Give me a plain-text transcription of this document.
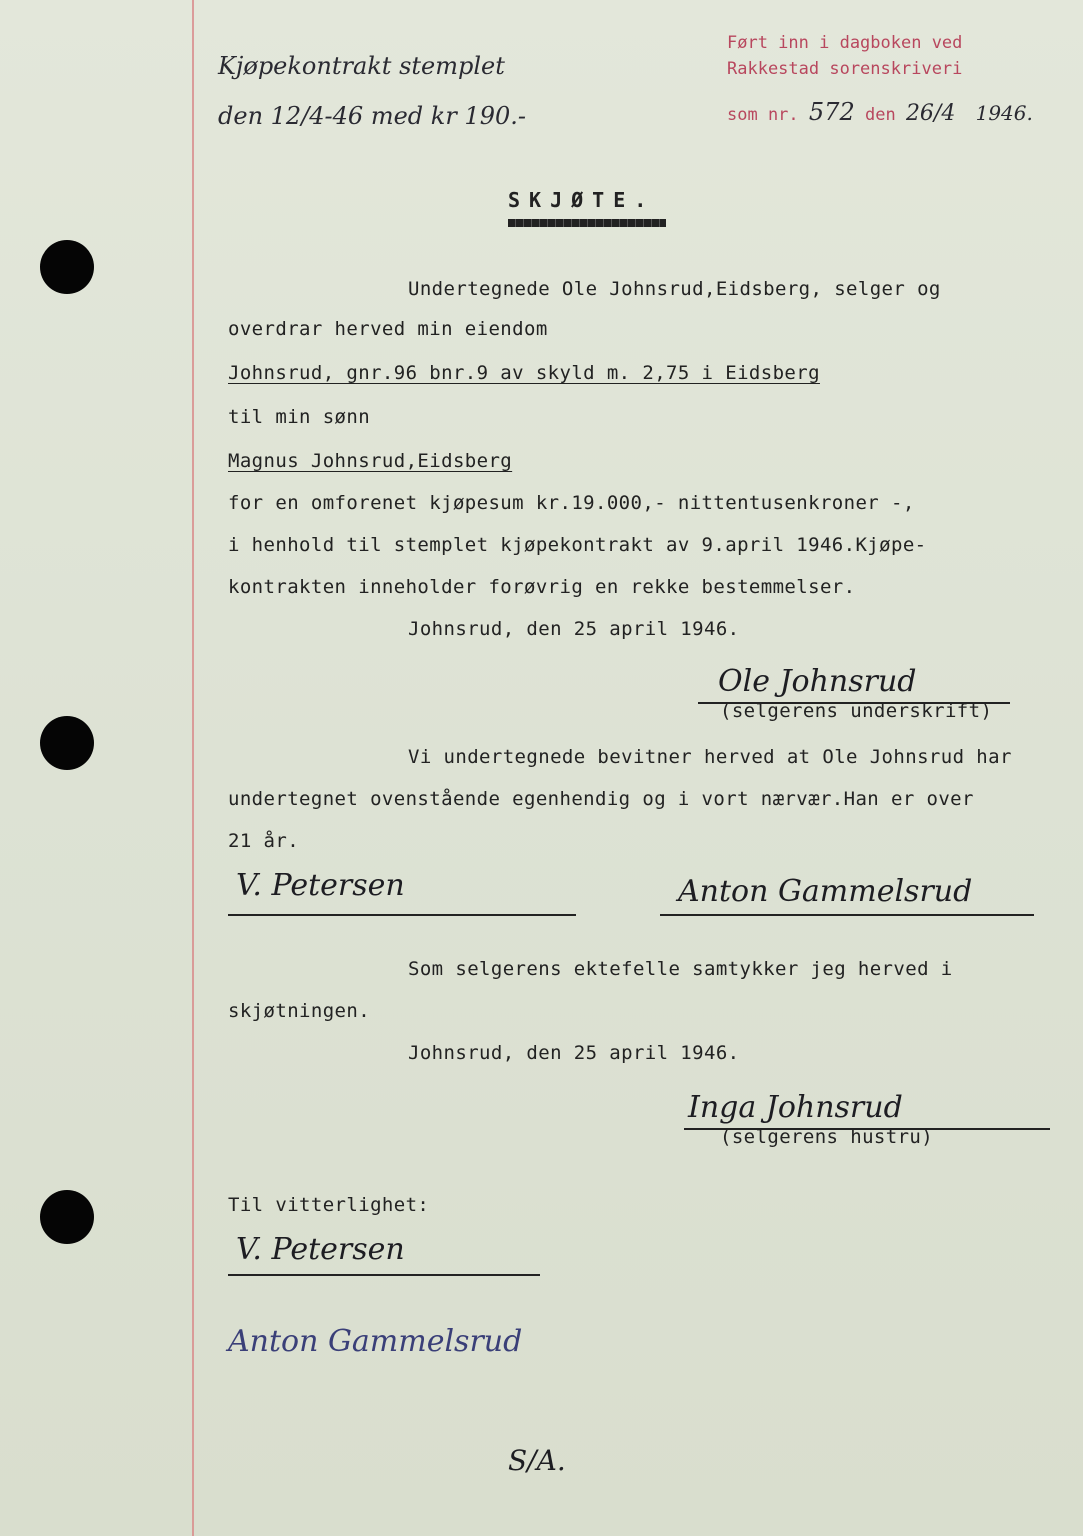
Kjøpekontrakt stemplet
den 12/4-46 med kr 190.-
Ført inn i dagboken ved
Rakkestad sorenskriveri
som nr. 572 den 26/4 1946.
SKJØTE.
Undertegnede Ole Johnsrud,Eidsberg, selger og
overdrar herved min eiendom
Johnsrud, gnr.96 bnr.9 av skyld m. 2,75 i Eidsberg
til min sønn
Magnus Johnsrud,Eidsberg
for en omforenet kjøpesum kr.19.000,- nittentusenkroner -,
i henhold til stemplet kjøpekontrakt av 9.april 1946.Kjøpe-
kontrakten inneholder forøvrig en rekke bestemmelser.
Johnsrud, den 25 april 1946.
Ole Johnsrud
(selgerens underskrift)
Vi undertegnede bevitner herved at Ole Johnsrud har
undertegnet ovenstående egenhendig og i vort nærvær.Han er over
21 år.
V. Petersen	Anton Gammelsrud
Som selgerens ektefelle samtykker jeg herved i
skjøtningen.
Johnsrud, den 25 april 1946.
Inga Johnsrud
(selgerens hustru)
Til vitterlighet:
V. Petersen
Anton Gammelsrud
S/A.
